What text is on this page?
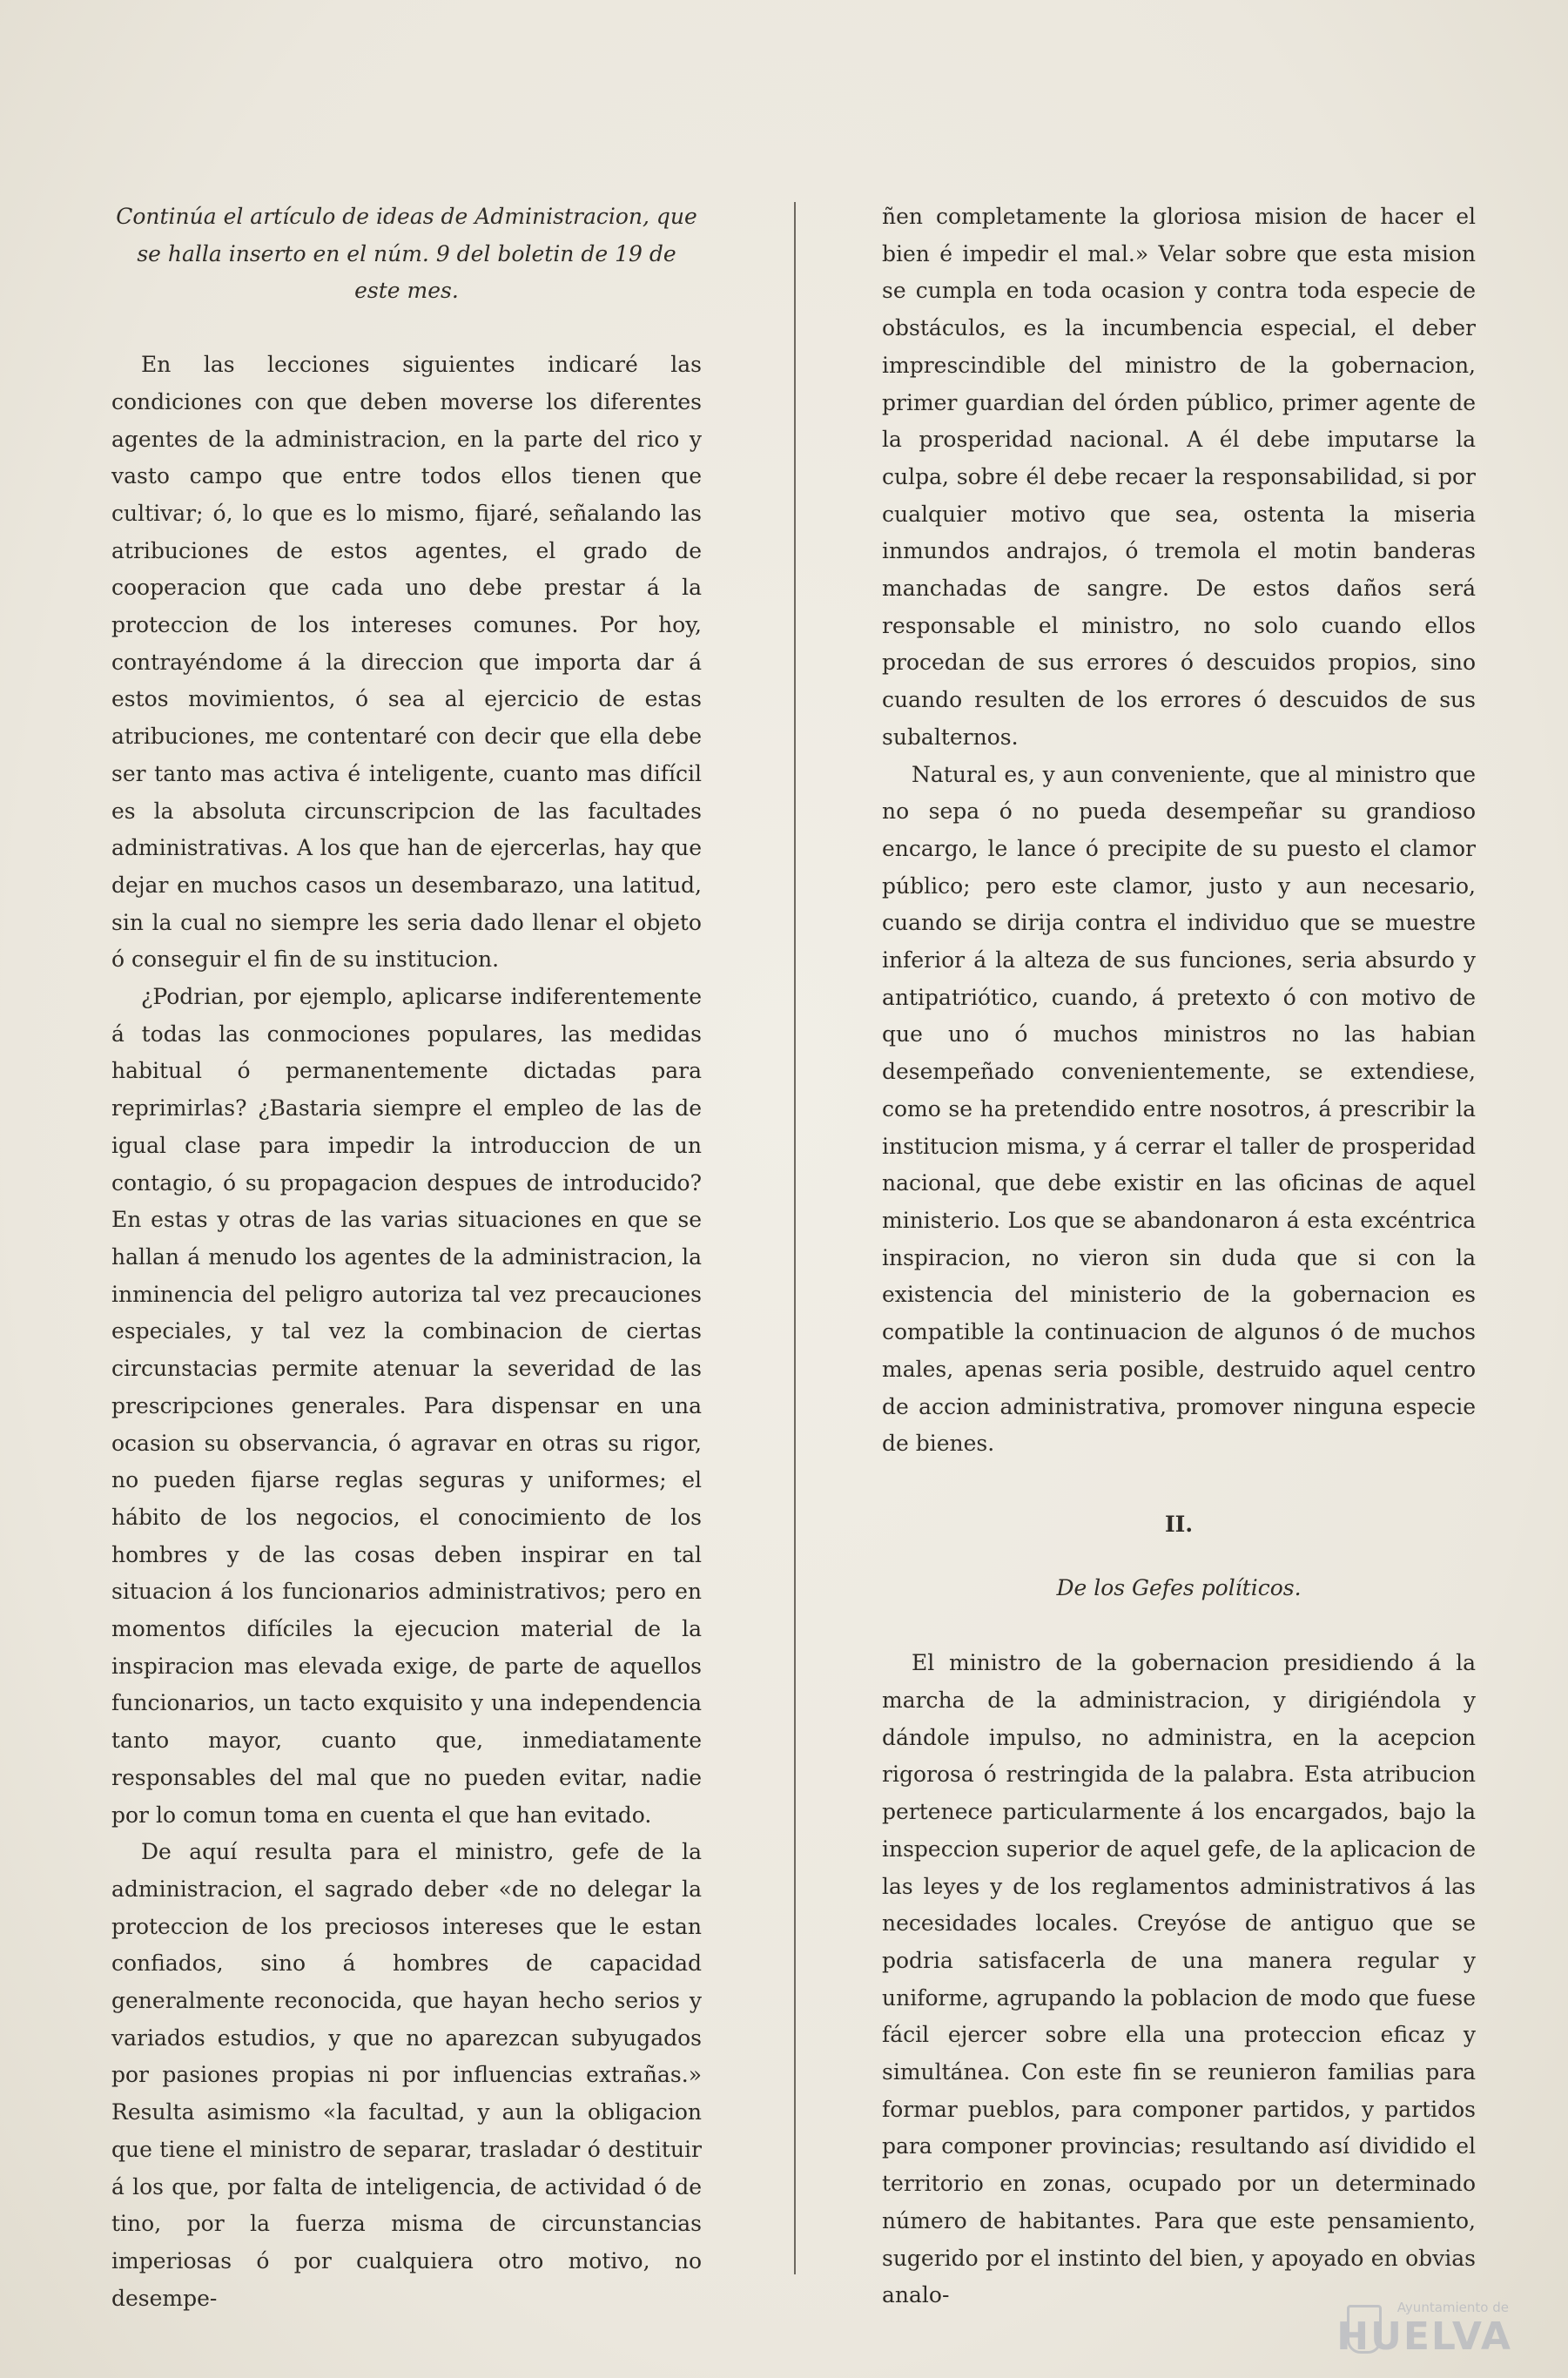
Continúa el artículo de ideas de Administracion, que se halla inserto en el núm. 9 del boletin de 19 de este mes.

En las lecciones siguientes indicaré las condiciones con que deben moverse los diferentes agentes de la administracion, en la parte del rico y vasto campo que entre todos ellos tienen que cultivar; ó, lo que es lo mismo, fijaré, señalando las atribuciones de estos agentes, el grado de cooperacion que cada uno debe prestar á la proteccion de los intereses comunes. Por hoy, contrayéndome á la direccion que importa dar á estos movimientos, ó sea al ejercicio de estas atribuciones, me contentaré con decir que ella debe ser tanto mas activa é inteligente, cuanto mas difícil es la absoluta circunscripcion de las facultades administrativas. A los que han de ejercerlas, hay que dejar en muchos casos un desembarazo, una latitud, sin la cual no siempre les seria dado llenar el objeto ó conseguir el fin de su institucion.

¿Podrian, por ejemplo, aplicarse indiferentemente á todas las conmociones populares, las medidas habitual ó permanentemente dictadas para reprimirlas? ¿Bastaria siempre el empleo de las de igual clase para impedir la introduccion de un contagio, ó su propagacion despues de introducido? En estas y otras de las varias situaciones en que se hallan á menudo los agentes de la administracion, la inminencia del peligro autoriza tal vez precauciones especiales, y tal vez la combinacion de ciertas circunstacias permite atenuar la severidad de las prescripciones generales. Para dispensar en una ocasion su observancia, ó agravar en otras su rigor, no pueden fijarse reglas seguras y uniformes; el hábito de los negocios, el conocimiento de los hombres y de las cosas deben inspirar en tal situacion á los funcionarios administrativos; pero en momentos difíciles la ejecucion material de la inspiracion mas elevada exige, de parte de aquellos funcionarios, un tacto exquisito y una independencia tanto mayor, cuanto que, inmediatamente responsables del mal que no pueden evitar, nadie por lo comun toma en cuenta el que han evitado.

De aquí resulta para el ministro, gefe de la administracion, el sagrado deber «de no delegar la proteccion de los preciosos intereses que le estan confiados, sino á hombres de capacidad generalmente reconocida, que hayan hecho serios y variados estudios, y que no aparezcan subyugados por pasiones propias ni por influencias extrañas.» Resulta asimismo «la facultad, y aun la obligacion que tiene el ministro de separar, trasladar ó destituir á los que, por falta de inteligencia, de actividad ó de tino, por la fuerza misma de circunstancias imperiosas ó por cualquiera otro motivo, no desempe-

ñen completamente la gloriosa mision de hacer el bien é impedir el mal.» Velar sobre que esta mision se cumpla en toda ocasion y contra toda especie de obstáculos, es la incumbencia especial, el deber imprescindible del ministro de la gobernacion, primer guardian del órden público, primer agente de la prosperidad nacional. A él debe imputarse la culpa, sobre él debe recaer la responsabilidad, si por cualquier motivo que sea, ostenta la miseria inmundos andrajos, ó tremola el motin banderas manchadas de sangre. De estos daños será responsable el ministro, no solo cuando ellos procedan de sus errores ó descuidos propios, sino cuando resulten de los errores ó descuidos de sus subalternos.

Natural es, y aun conveniente, que al ministro que no sepa ó no pueda desempeñar su grandioso encargo, le lance ó precipite de su puesto el clamor público; pero este clamor, justo y aun necesario, cuando se dirija contra el individuo que se muestre inferior á la alteza de sus funciones, seria absurdo y antipatriótico, cuando, á pretexto ó con motivo de que uno ó muchos ministros no las habian desempeñado convenientemente, se extendiese, como se ha pretendido entre nosotros, á prescribir la institucion misma, y á cerrar el taller de prosperidad nacional, que debe existir en las oficinas de aquel ministerio. Los que se abandonaron á esta excéntrica inspiracion, no vieron sin duda que si con la existencia del ministerio de la gobernacion es compatible la continuacion de algunos ó de muchos males, apenas seria posible, destruido aquel centro de accion administrativa, promover ninguna especie de bienes.

II.
De los Gefes políticos.

El ministro de la gobernacion presidiendo á la marcha de la administracion, y dirigiéndola y dándole impulso, no administra, en la acepcion rigorosa ó restringida de la palabra. Esta atribucion pertenece particularmente á los encargados, bajo la inspeccion superior de aquel gefe, de la aplicacion de las leyes y de los reglamentos administrativos á las necesidades locales. Creyóse de antiguo que se podria satisfacerla de una manera regular y uniforme, agrupando la poblacion de modo que fuese fácil ejercer sobre ella una proteccion eficaz y simultánea. Con este fin se reunieron familias para formar pueblos, para componer partidos, y partidos para componer provincias; resultando así dividido el territorio en zonas, ocupado por un determinado número de habitantes. Para que este pensamiento, sugerido por el instinto del bien, y apoyado en obvias analo-	Ayuntamiento de
HUELVA
